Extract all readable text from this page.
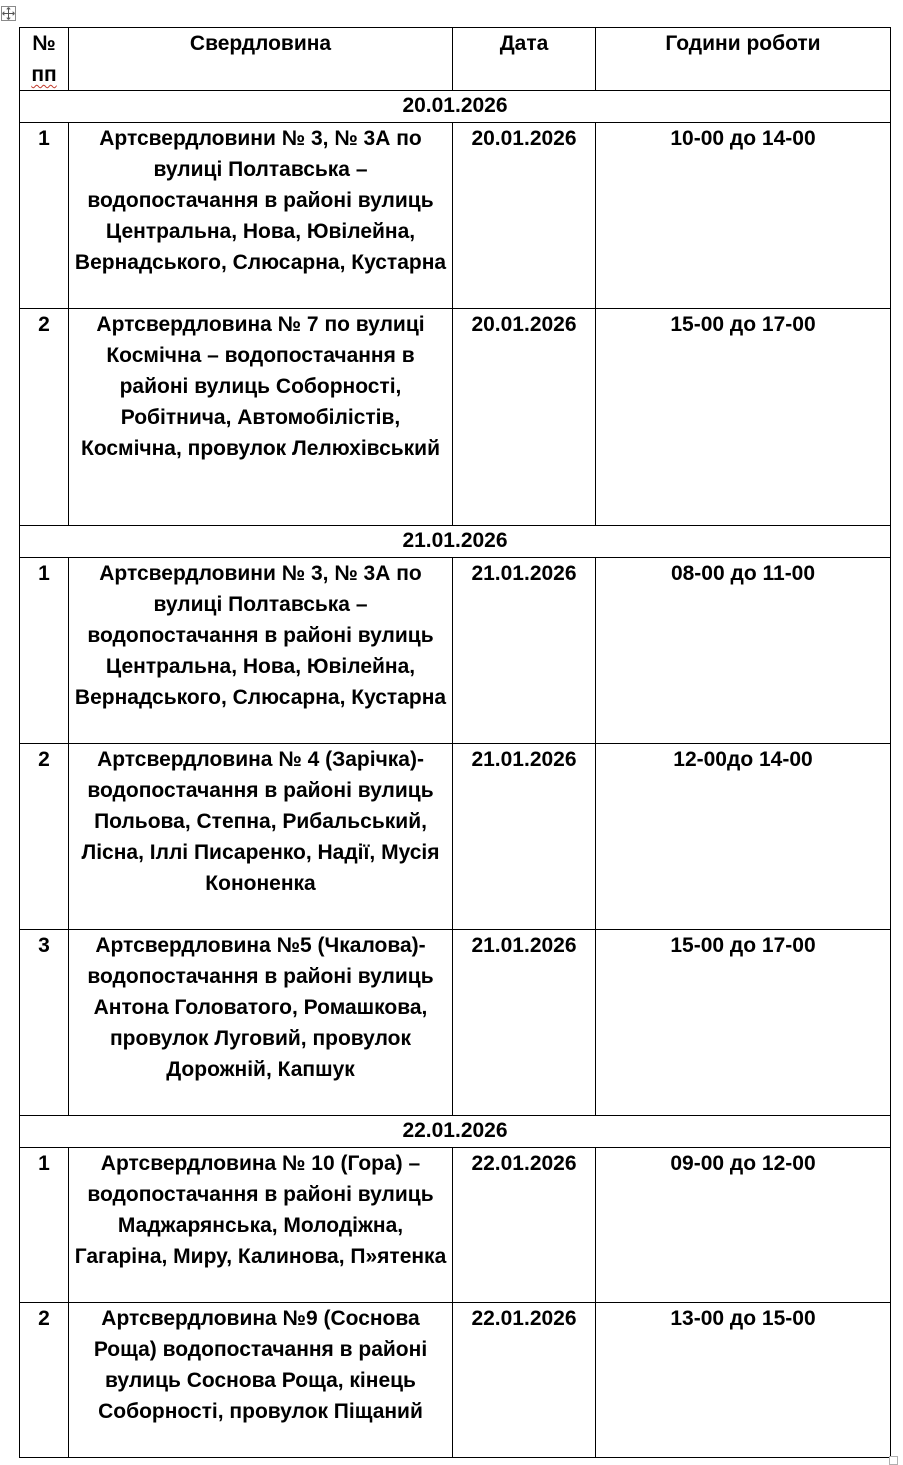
№
пп	Свердловина	Дата	Години роботи
20.01.2026			
1	Артсвердловини № 3, № 3А по вулиці Полтавська – водопостачання в районі вулиць Центральна, Нова, Ювілейна, Вернадського, Слюсарна, Кустарна	20.01.2026	10-00 до 14-00
2	Артсвердловина № 7 по вулиці Космічна – водопостачання в районі вулиць Соборності, Робітнича, Автомобілістів, Космічна, провулок Лелюхівський	20.01.2026	15-00 до 17-00
21.01.2026			
1	Артсвердловини № 3, № 3А по вулиці Полтавська – водопостачання в районі вулиць Центральна, Нова, Ювілейна, Вернадського, Слюсарна, Кустарна	21.01.2026	08-00 до 11-00
2	Артсвердловина № 4 (Зарічка)- водопостачання в районі вулиць Польова, Степна, Рибальський, Лісна, Іллі Писаренко, Надії, Мусія Кононенка	21.01.2026	12-00до 14-00
3	Артсвердловина №5 (Чкалова)- водопостачання в районі вулиць Антона Головатого, Ромашкова, провулок Луговий, провулок Дорожній, Капшук	21.01.2026	15-00 до 17-00
22.01.2026			
1	Артсвердловина № 10 (Гора) – водопостачання в районі вулиць Маджарянська, Молодіжна, Гагаріна, Миру, Калинова, П»ятенка	22.01.2026	09-00 до 12-00
2	Артсвердловина №9 (Соснова Роща) водопостачання в районі вулиць Соснова Роща, кінець Соборності, провулок Піщаний	22.01.2026	13-00 до 15-00
